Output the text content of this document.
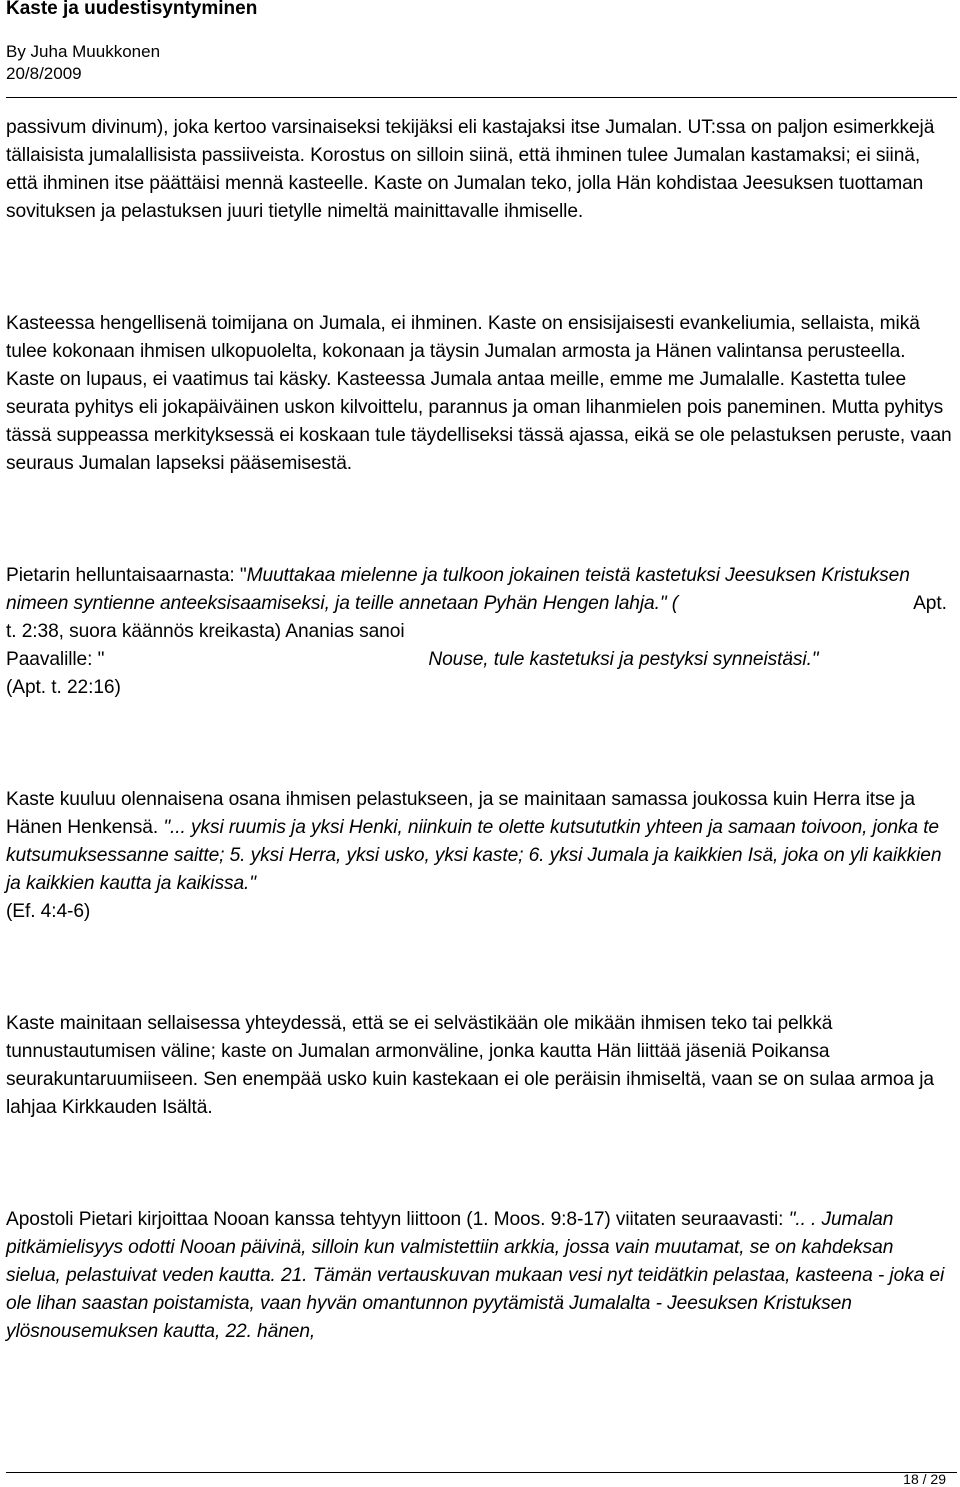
Kaste ja uudestisyntyminen
By Juha Muukkonen
20/8/2009

passivum divinum), joka kertoo varsinaiseksi tekijäksi eli kastajaksi itse Jumalan. UT:ssa on paljon esimerkkejä tällaisista jumalallisista passiiveista. Korostus on silloin siinä, että ihminen tulee Jumalan kastamaksi; ei siinä, että ihminen itse päättäisi mennä kasteelle. Kaste on Jumalan teko, jolla Hän kohdistaa Jeesuksen tuottaman sovituksen ja pelastuksen juuri tietylle nimeltä mainittavalle ihmiselle.

Kasteessa hengellisenä toimijana on Jumala, ei ihminen. Kaste on ensisijaisesti evankeliumia, sellaista, mikä tulee kokonaan ihmisen ulkopuolelta, kokonaan ja täysin Jumalan armosta ja Hänen valintansa perusteella. Kaste on lupaus, ei vaatimus tai käsky. Kasteessa Jumala antaa meille, emme me Jumalalle. Kastetta tulee seurata pyhitys eli jokapäiväinen uskon kilvoittelu, parannus ja oman lihanmielen pois paneminen. Mutta pyhitys tässä suppeassa merkityksessä ei koskaan tule täydelliseksi tässä ajassa, eikä se ole pelastuksen peruste, vaan seuraus Jumalan lapseksi pääsemisestä.

Pietarin helluntaisaarnasta: "Muuttakaa mielenne ja tulkoon jokainen teistä kastetuksi Jeesuksen Kristuksen nimeen syntienne anteeksisaamiseksi, ja teille annetaan Pyhän Hengen lahja." (	Apt. t. 2:38, suora käännös kreikasta) Ananias sanoi
Paavalille: "	Nouse, tule kastetuksi ja pestyksi synneistäsi."
(Apt. t. 22:16)

Kaste kuuluu olennaisena osana ihmisen pelastukseen, ja se mainitaan samassa joukossa kuin Herra itse ja Hänen Henkensä. "... yksi ruumis ja yksi Henki, niinkuin te olette kutsututkin yhteen ja samaan toivoon, jonka te kutsumuksessanne saitte; 5. yksi Herra, yksi usko, yksi kaste; 6. yksi Jumala ja kaikkien Isä, joka on yli kaikkien ja kaikkien kautta ja kaikissa."
(Ef. 4:4-6)

Kaste mainitaan sellaisessa yhteydessä, että se ei selvästikään ole mikään ihmisen teko tai pelkkä tunnustautumisen väline; kaste on Jumalan armonväline, jonka kautta Hän liittää jäseniä Poikansa seurakuntaruumiiseen. Sen enempää usko kuin kastekaan ei ole peräisin ihmiseltä, vaan se on sulaa armoa ja lahjaa Kirkkauden Isältä.

Apostoli Pietari kirjoittaa Nooan kanssa tehtyyn liittoon (1. Moos. 9:8-17) viitaten seuraavasti: ".. . Jumalan pitkämielisyys odotti Nooan päivinä, silloin kun valmistettiin arkkia, jossa vain muutamat, se on kahdeksan sielua, pelastuivat veden kautta. 21. Tämän vertauskuvan mukaan vesi nyt teidätkin pelastaa, kasteena - joka ei ole lihan saastan poistamista, vaan hyvän omantunnon pyytämistä Jumalalta - Jeesuksen Kristuksen ylösnousemuksen kautta, 22. hänen,

18 / 29
